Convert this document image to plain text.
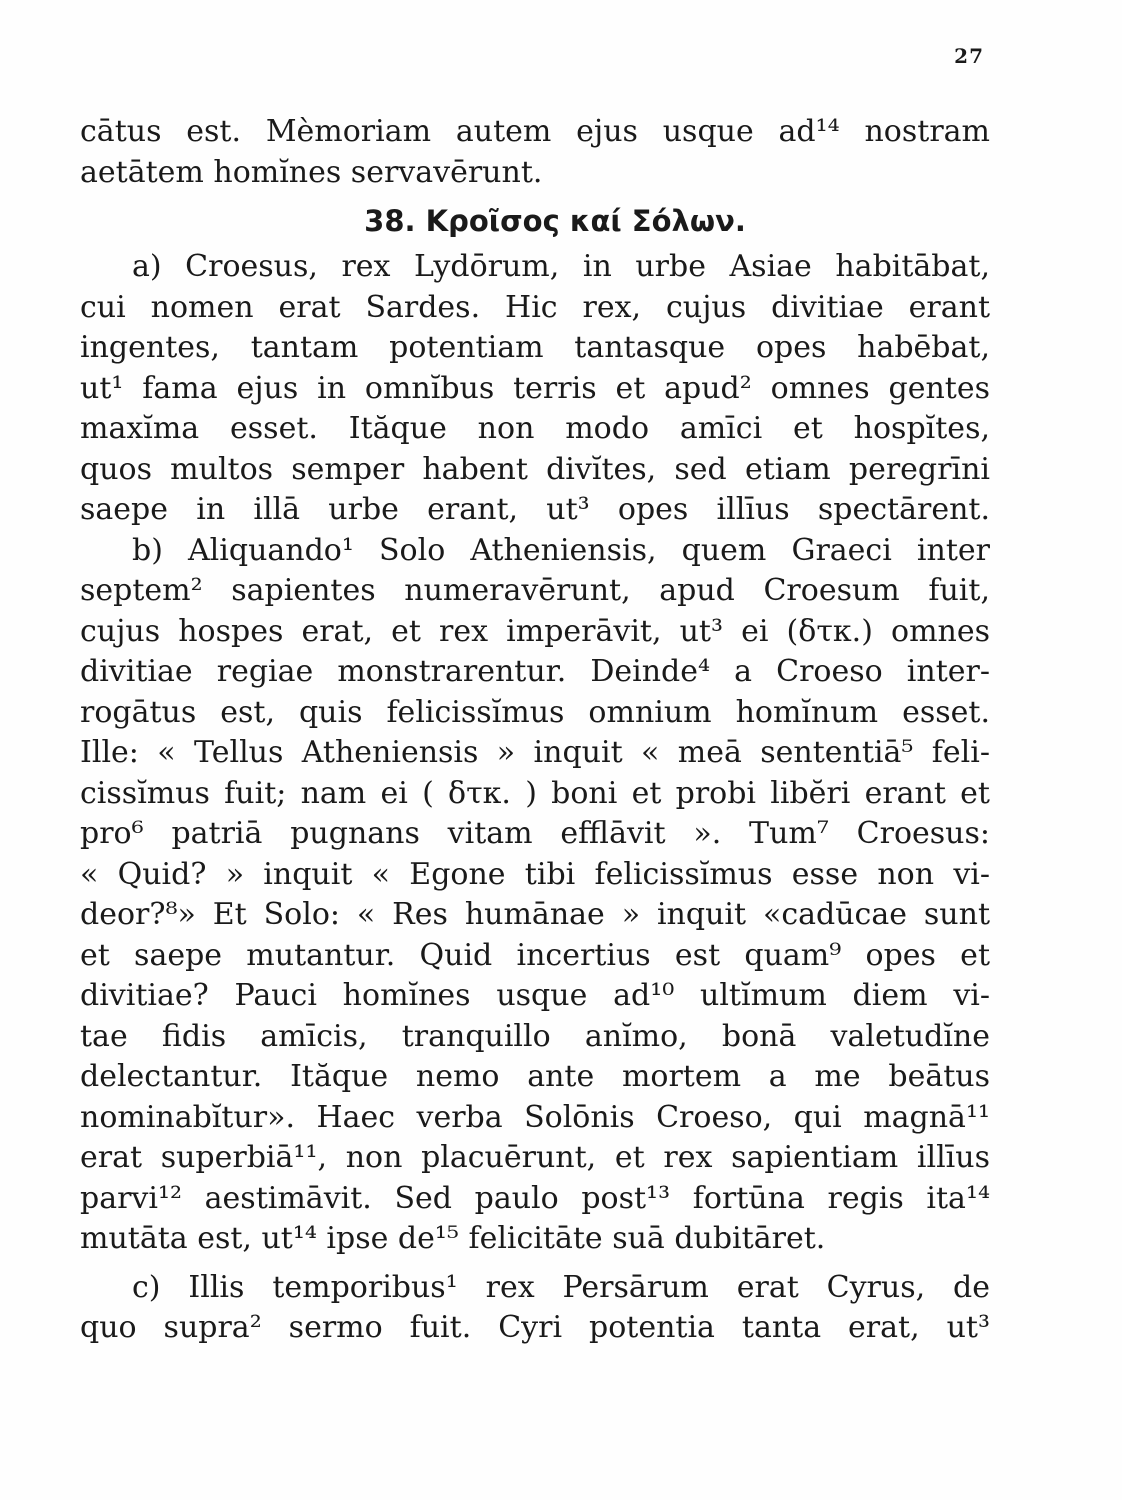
27
cātus est. Mèmoriam autem ejus usque ad¹⁴ nostram
aetātem homĭnes servavērunt.
38. Κροῖσος καί Σόλων.
a) Croesus, rex Lydōrum, in urbe Asiae habitābat,
cui nomen erat Sardes. Hic rex, cujus divitiae erant
ingentes, tantam potentiam tantasque opes habēbat,
ut¹ fama ejus in omnĭbus terris et apud² omnes gentes
maxĭma esset. Ităque non modo amīci et hospĭtes,
quos multos semper habent divĭtes, sed etiam peregrīni
saepe in illā urbe erant, ut³ opes illīus spectārent.
b) Aliquando¹ Solo Atheniensis, quem Graeci inter
septem² sapientes numeravērunt, apud Croesum fuit,
cujus hospes erat, et rex imperāvit, ut³ ei (δτκ.) omnes
divitiae regiae monstrarentur. Deinde⁴ a Croeso inter-
rogātus est, quis felicissĭmus omnium homĭnum esset.
Ille: « Tellus Atheniensis » inquit « meā sententiā⁵ feli-
cissĭmus fuit; nam ei ( δτκ. ) boni et probi libĕri erant et
pro⁶ patriā pugnans vitam efflāvit ». Tum⁷ Croesus:
« Quid? » inquit « Egone tibi felicissĭmus esse non vi-
deor?⁸» Et Solo: « Res humānae » inquit «cadūcae sunt
et saepe mutantur. Quid incertius est quam⁹ opes et
divitiae? Pauci homĭnes usque ad¹⁰ ultĭmum diem vi-
tae fidis amīcis, tranquillo anĭmo, bonā valetudĭne
delectantur. Ităque nemo ante mortem a me beātus
nominabĭtur». Haec verba Solōnis Croeso, qui magnā¹¹
erat superbiā¹¹, non placuērunt, et rex sapientiam illīus
parvi¹² aestimāvit. Sed paulo post¹³ fortūna regis ita¹⁴
mutāta est, ut¹⁴ ipse de¹⁵ felicitāte suā dubitāret.
c) Illis tempori̇bus¹ rex Persārum erat Cyrus, de
quo supra² sermo fuit. Cyri potentia tanta erat, ut³
